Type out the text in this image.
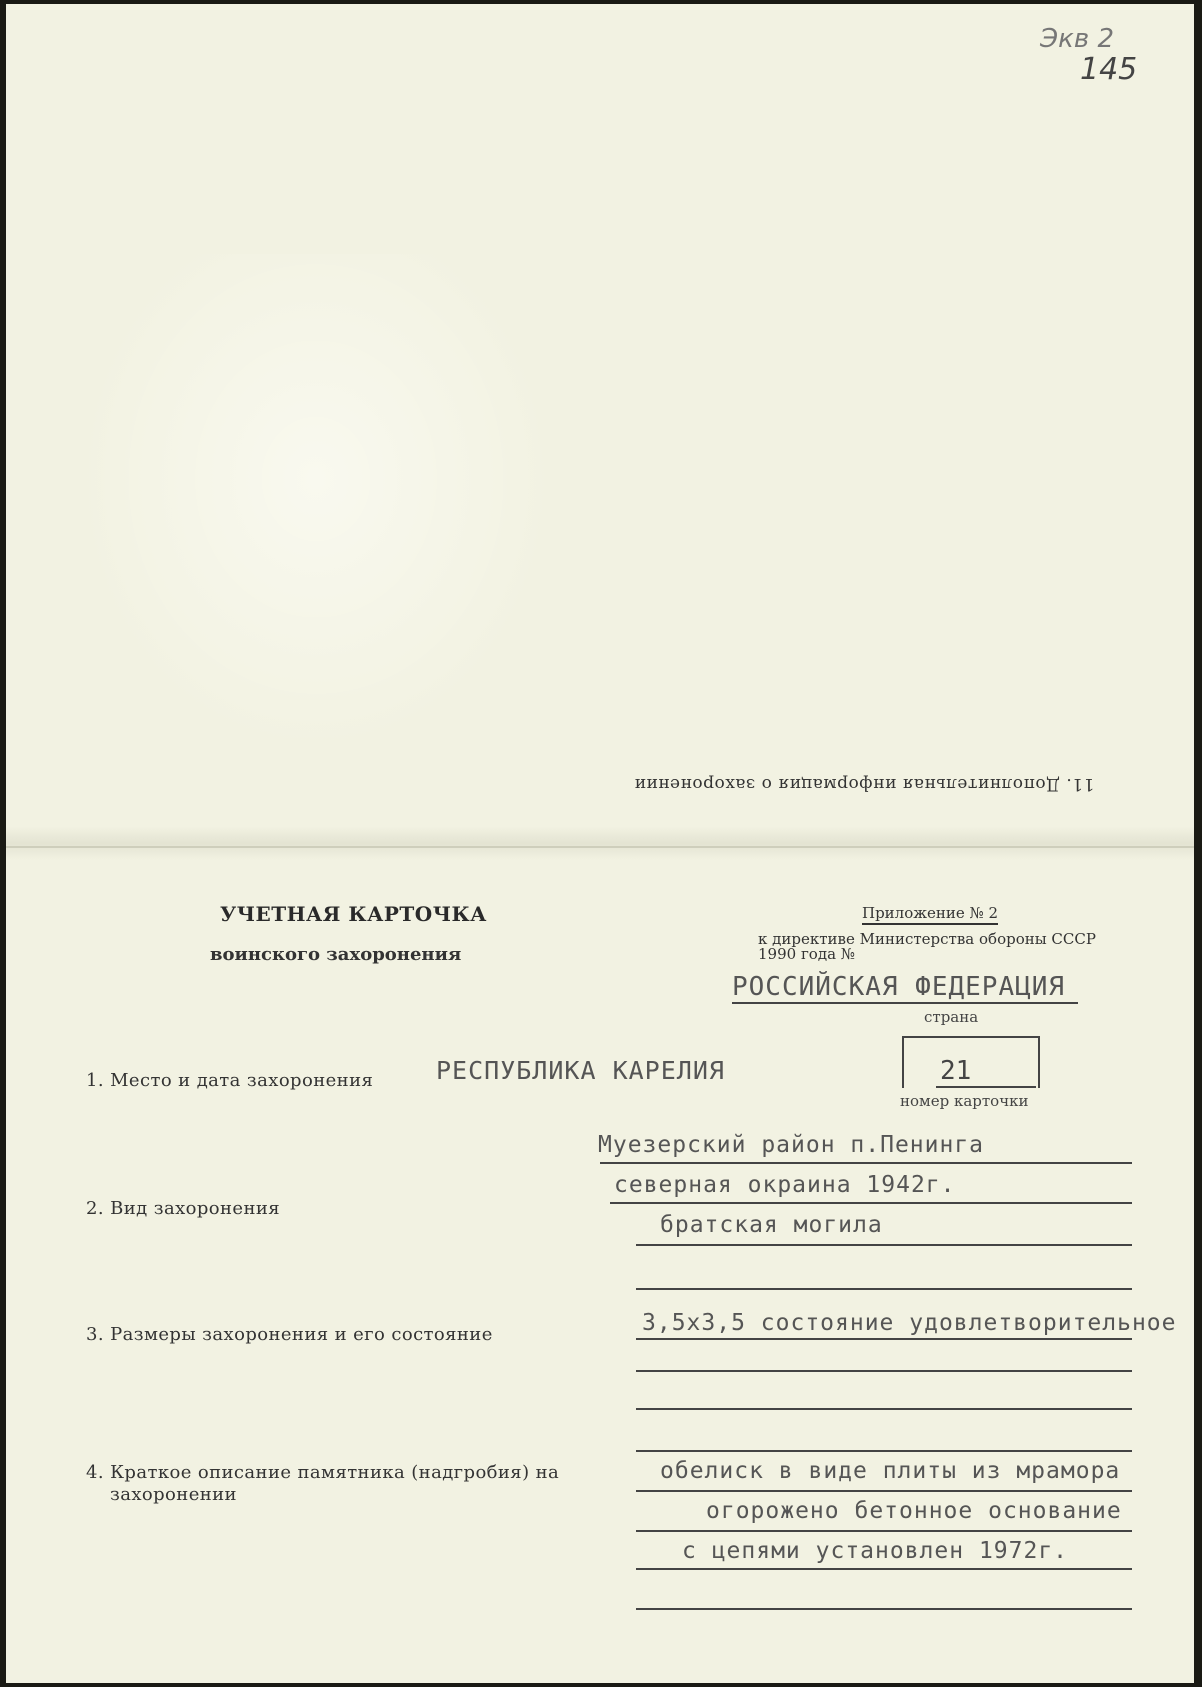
Экв 2
145
11. Дополнительная информация о захоронении
УЧЕТНАЯ КАРТОЧКА
воинского захоронения
Приложение № 2
к директиве Министерства обороны СССР
1990 года №
РОССИЙСКАЯ ФЕДЕРАЦИЯ
страна
21
номер карточки
1. Место и дата захоронения	РЕСПУБЛИКА КАРЕЛИЯ
Муезерский район п.Пенинга
северная окраина 1942г.
2. Вид захоронения
братская могила
3. Размеры захоронения и его состояние	3,5х3,5 состояние удовлетворительное
4. Краткое описание памятника (надгробия) на
захоронении
обелиск в виде плиты из мрамора
огорожено бетонное основание
с цепями установлен 1972г.
